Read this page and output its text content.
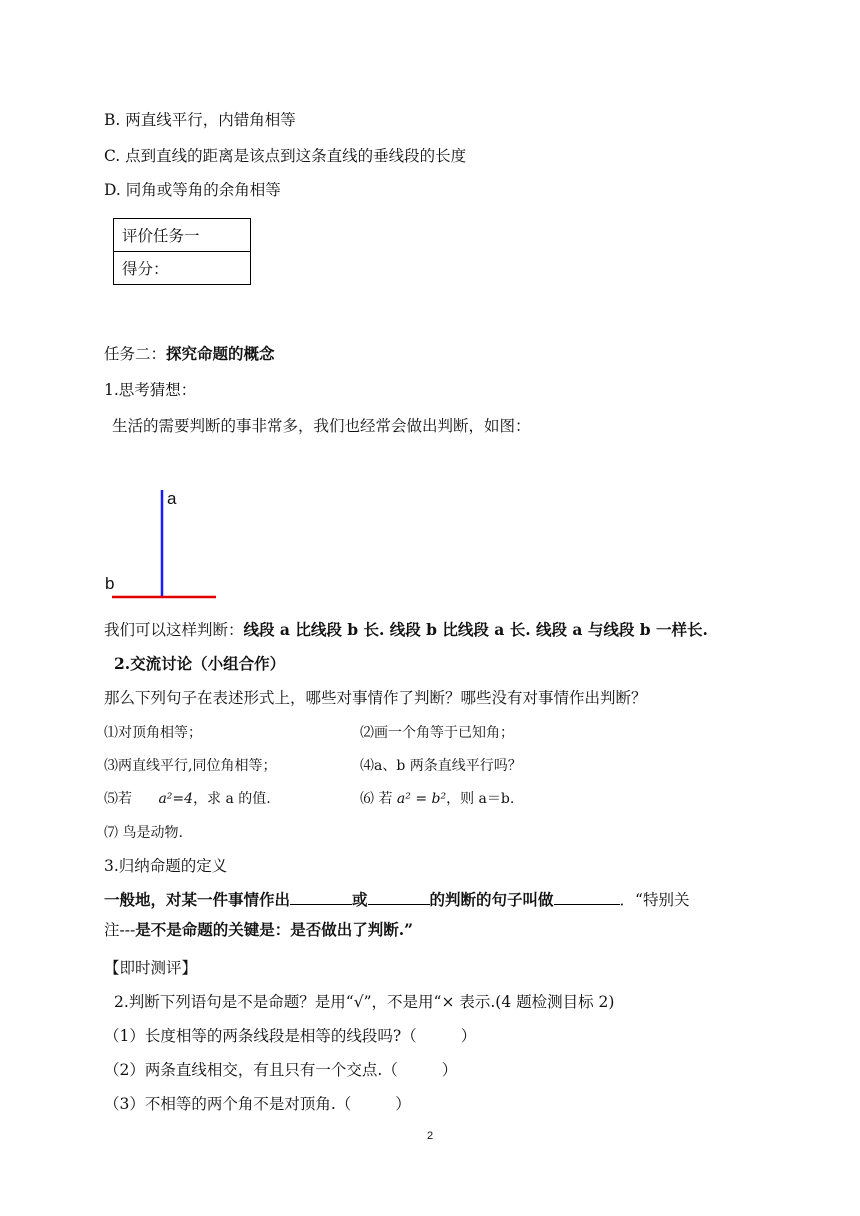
B. 两直线平行，内错角相等
C. 点到直线的距离是该点到这条直线的垂线段的长度
D. 同角或等角的余角相等
评价任务一
得分：
任务二：探究命题的概念
1.思考猜想：
生活的需要判断的事非常多，我们也经常会做出判断，如图：
a
b
我们可以这样判断：线段 a 比线段 b 长. 线段 b 比线段 a 长. 线段 a 与线段 b 一样长.
2.交流讨论（小组合作）
那么下列句子在表述形式上，哪些对事情作了判断？哪些没有对事情作出判断？
⑴对顶角相等；	⑵画一个角等于已知角；
⑶两直线平行,同位角相等；	⑷a、b 两条直线平行吗？
⑸若 a²=4，求 a 的值.	⑹ 若 a² = b²，则 a＝b.
⑺ 鸟是动物.
3.归纳命题的定义
一般地，对某一件事情作出	或	的判断的句子叫做	．“特别关
注---是不是命题的关键是：是否做出了判断.”
【即时测评】
2.判断下列语句是不是命题？是用“√”，不是用“× 表示.(4 题检测目标 2)
（1）长度相等的两条线段是相等的线段吗?（	）
（2）两条直线相交，有且只有一个交点.（	）
（3）不相等的两个角不是对顶角.（	）
2
